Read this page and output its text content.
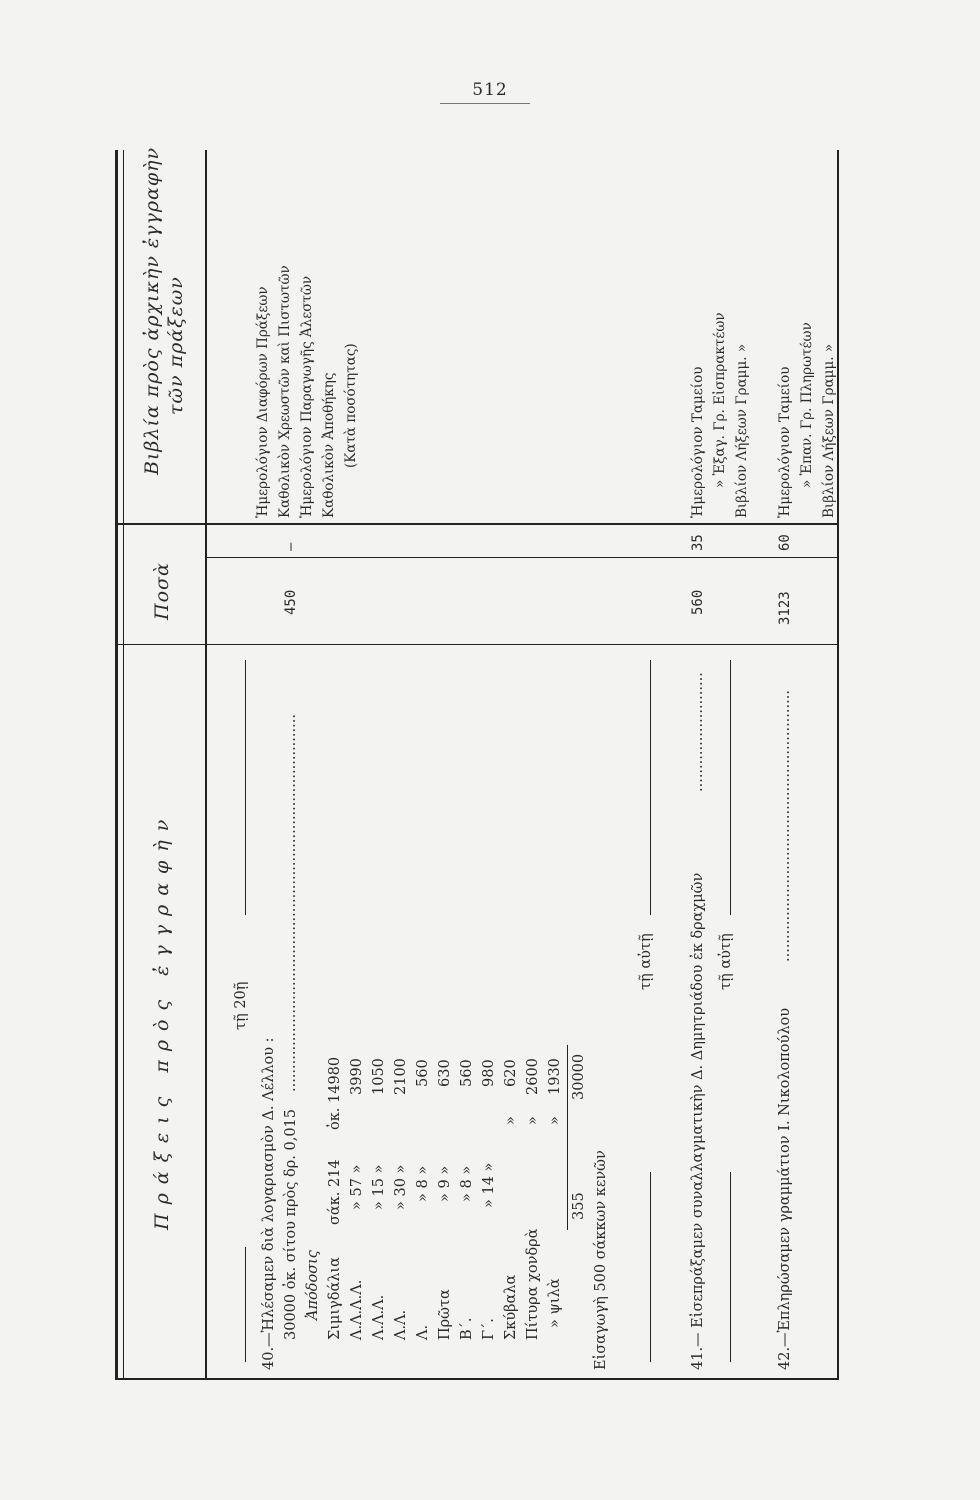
512
Πράξεις πρὸς ἐγγραφὴν
Ποσὰ
Βιβλία πρὸς ἀρχικὴν ἐγγραφὴν τῶν πράξεων
τῇ 20ῇ
40.—Ἠλέσαμεν διὰ λογαριασμὸν Δ. Λέλλου : 30000 ὀκ. σίτου πρὸς δρ. 0,015
..................................................................................
450
—
Ἀπόδοσις Σιμιγδάλια
σάκ. 214
ὀκ. 14980
Λ.Λ.Λ.Λ.
» 57 »
3990
Λ.Λ.Λ.
» 15 »
1050
Λ.Λ.
» 30 »
2100
Λ.
» 8 »
560
Πρῶτα
» 9 »
630
Β΄.
» 8 »
560
Γ΄.
» 14 »
980
Σκύβαλα
»
620
Πίτυρα χονδρὰ
»
2600
» ψιλὰ
»
1930
355
30000
Εἰσαγωγὴ 500 σάκκων κενῶν
Ἡμερολόγιον Διαφόρων Πράξεων Καθολικὸν Χρεωστῶν καὶ Πιστωτῶν Ἡμερολόγιον Παραγωγῆς Ἀλεστῶν Καθολικὸν Ἀποθήκης (Κατὰ ποσότητας)
τῇ αὐτῇ 41.— Εἰσεπράξαμεν συναλλαγματικὴν Δ. Δημητριάδου ἐκ δραχμῶν
..........................
560
35
Ἡμερολόγιον Ταμείου » Ἐξαγ. Γρ. Εἰσπρακτέων Βιβλίον Λήξεων Γραμμ. »
τῇ αὐτῇ
42.—Ἐπληρώσαμεν γραμμάτιον Ι. Νικολοπούλου
...........................................................
3123
60
Ἡμερολόγιον Ταμείου » Ἐπαν. Γρ. Πληρωτέων Βιβλίον Λήξεων Γραμμ. »
